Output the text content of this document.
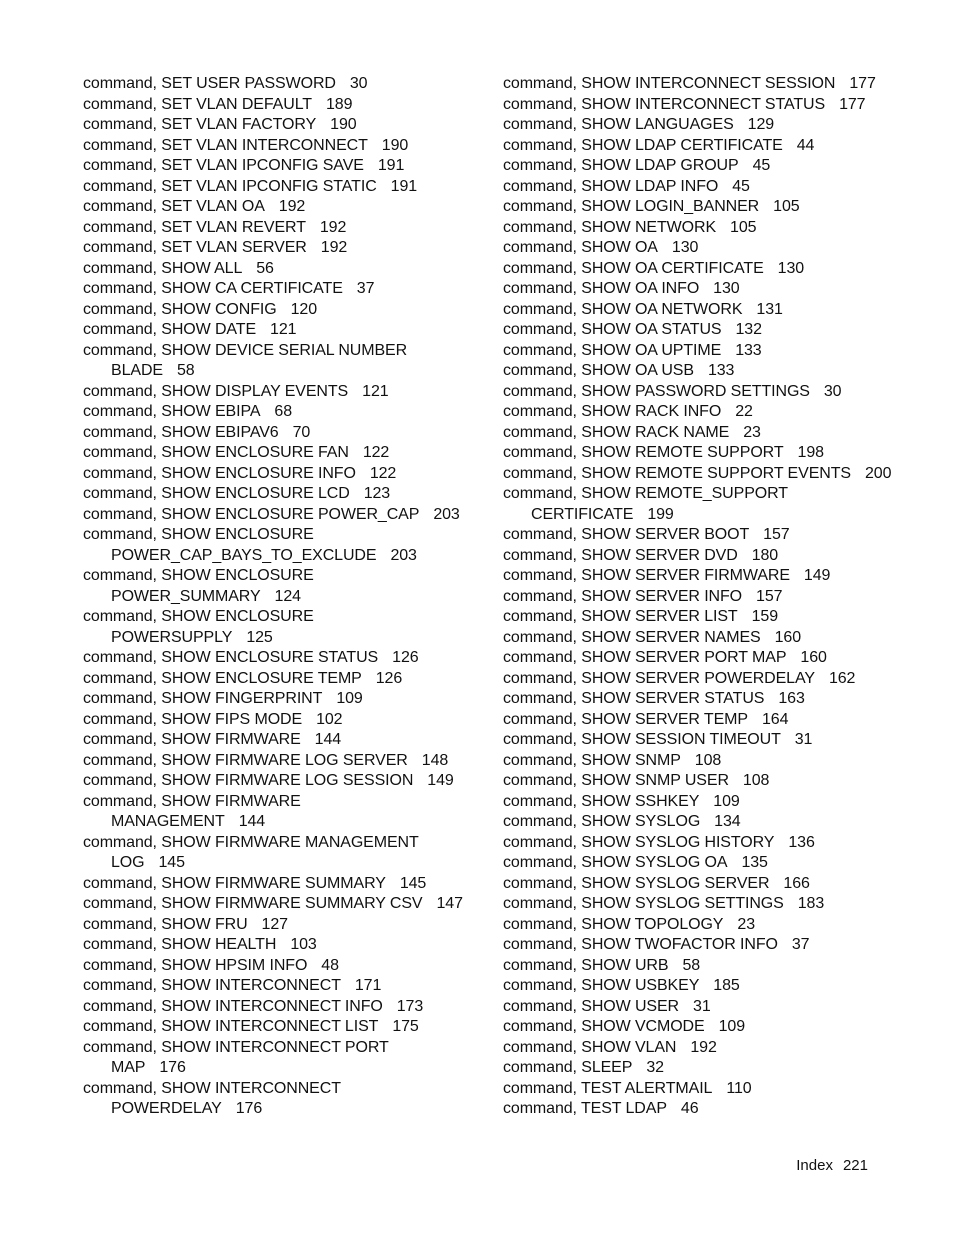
command, SET USER PASSWORD 30
command, SET VLAN DEFAULT 189
command, SET VLAN FACTORY 190
command, SET VLAN INTERCONNECT 190
command, SET VLAN IPCONFIG SAVE 191
command, SET VLAN IPCONFIG STATIC 191
command, SET VLAN OA 192
command, SET VLAN REVERT 192
command, SET VLAN SERVER 192
command, SHOW ALL 56
command, SHOW CA CERTIFICATE 37
command, SHOW CONFIG 120
command, SHOW DATE 121
command, SHOW DEVICE SERIAL NUMBER
BLADE 58
command, SHOW DISPLAY EVENTS 121
command, SHOW EBIPA 68
command, SHOW EBIPAV6 70
command, SHOW ENCLOSURE FAN 122
command, SHOW ENCLOSURE INFO 122
command, SHOW ENCLOSURE LCD 123
command, SHOW ENCLOSURE POWER_CAP 203
command, SHOW ENCLOSURE
POWER_CAP_BAYS_TO_EXCLUDE 203
command, SHOW ENCLOSURE
POWER_SUMMARY 124
command, SHOW ENCLOSURE
POWERSUPPLY 125
command, SHOW ENCLOSURE STATUS 126
command, SHOW ENCLOSURE TEMP 126
command, SHOW FINGERPRINT 109
command, SHOW FIPS MODE 102
command, SHOW FIRMWARE 144
command, SHOW FIRMWARE LOG SERVER 148
command, SHOW FIRMWARE LOG SESSION 149
command, SHOW FIRMWARE
MANAGEMENT 144
command, SHOW FIRMWARE MANAGEMENT
LOG 145
command, SHOW FIRMWARE SUMMARY 145
command, SHOW FIRMWARE SUMMARY CSV 147
command, SHOW FRU 127
command, SHOW HEALTH 103
command, SHOW HPSIM INFO 48
command, SHOW INTERCONNECT 171
command, SHOW INTERCONNECT INFO 173
command, SHOW INTERCONNECT LIST 175
command, SHOW INTERCONNECT PORT
MAP 176
command, SHOW INTERCONNECT
POWERDELAY 176
command, SHOW INTERCONNECT SESSION 177
command, SHOW INTERCONNECT STATUS 177
command, SHOW LANGUAGES 129
command, SHOW LDAP CERTIFICATE 44
command, SHOW LDAP GROUP 45
command, SHOW LDAP INFO 45
command, SHOW LOGIN_BANNER 105
command, SHOW NETWORK 105
command, SHOW OA 130
command, SHOW OA CERTIFICATE 130
command, SHOW OA INFO 130
command, SHOW OA NETWORK 131
command, SHOW OA STATUS 132
command, SHOW OA UPTIME 133
command, SHOW OA USB 133
command, SHOW PASSWORD SETTINGS 30
command, SHOW RACK INFO 22
command, SHOW RACK NAME 23
command, SHOW REMOTE SUPPORT 198
command, SHOW REMOTE SUPPORT EVENTS 200
command, SHOW REMOTE_SUPPORT
CERTIFICATE 199
command, SHOW SERVER BOOT 157
command, SHOW SERVER DVD 180
command, SHOW SERVER FIRMWARE 149
command, SHOW SERVER INFO 157
command, SHOW SERVER LIST 159
command, SHOW SERVER NAMES 160
command, SHOW SERVER PORT MAP 160
command, SHOW SERVER POWERDELAY 162
command, SHOW SERVER STATUS 163
command, SHOW SERVER TEMP 164
command, SHOW SESSION TIMEOUT 31
command, SHOW SNMP 108
command, SHOW SNMP USER 108
command, SHOW SSHKEY 109
command, SHOW SYSLOG 134
command, SHOW SYSLOG HISTORY 136
command, SHOW SYSLOG OA 135
command, SHOW SYSLOG SERVER 166
command, SHOW SYSLOG SETTINGS 183
command, SHOW TOPOLOGY 23
command, SHOW TWOFACTOR INFO 37
command, SHOW URB 58
command, SHOW USBKEY 185
command, SHOW USER 31
command, SHOW VCMODE 109
command, SHOW VLAN 192
command, SLEEP 32
command, TEST ALERTMAIL 110
command, TEST LDAP 46
Index 221
